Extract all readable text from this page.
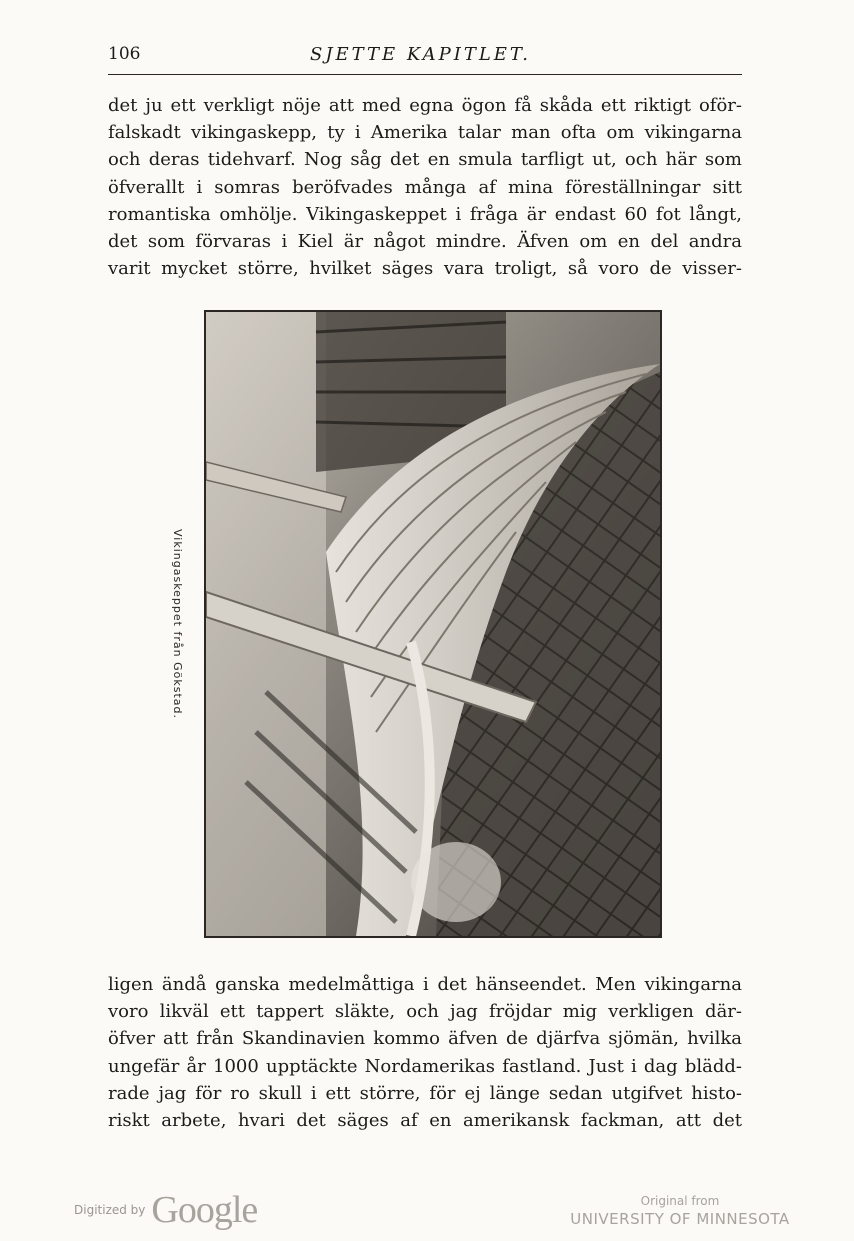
106	SJETTE KAPITLET.
det ju ett verkligt nöje att med egna ögon få skåda ett riktigt oför-
falskadt vikingaskepp, ty i Amerika talar man ofta om vikingarna
och deras tidehvarf. Nog såg det en smula tarfligt ut, och här som
öfverallt i somras beröfvades många af mina föreställningar sitt
romantiska omhölje. Vikingaskeppet i fråga är endast 60 fot långt,
det som förvaras i Kiel är något mindre. Äfven om en del andra
varit mycket större, hvilket säges vara troligt, så voro de visser-
Vikingaskeppet från Gökstad.
ligen ändå ganska medelmåttiga i det hänseendet. Men vikingarna
voro likväl ett tappert släkte, och jag fröjdar mig verkligen där-
öfver att från Skandinavien kommo äfven de djärfva sjömän, hvilka
ungefär år 1000 upptäckte Nordamerikas fastland. Just i dag blädd-
rade jag för ro skull i ett större, för ej länge sedan utgifvet histo-
riskt arbete, hvari det säges af en amerikansk fackman, att det
Digitized by Google	Original from
UNIVERSITY OF MINNESOTA
